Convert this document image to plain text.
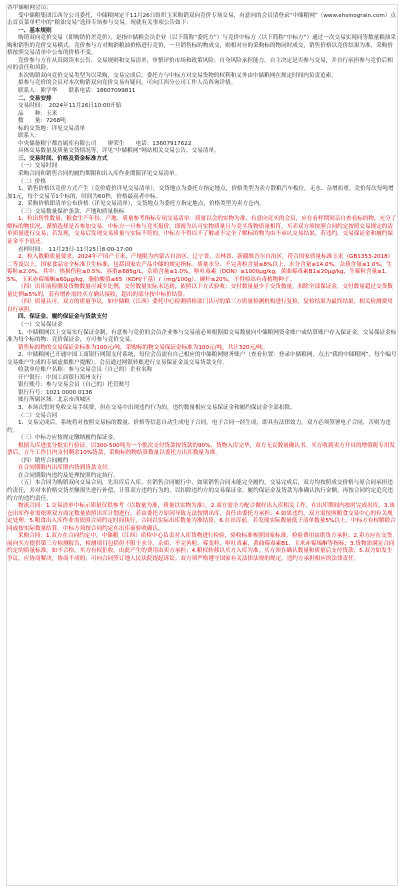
各中储粮网会员：

受中储粮集团江西分公司委托，中储粮网定于11月26日组织玉米购销双向竞价专场交易，有意向的会员请登录“中储粮网”（www.ehsinograin.com）点击首页菜单栏中的“粮油交易”选择专场参与交易。现就有关事项公告如下：

一、基本规则

购销双向竞价交易（即购销价差竞价），是指中储粮会员企业（以下简称“委托方”）与竞价中标方（以下简称“中标方”）通过一次交易实现同等数量粮油采购和销售的竞价交易模式。竞价参与方对购销粮油价格进行竞价，一旦销售标的物成交，则相对应的采购标的物同时成交，销售价格以竞价结果为准，采购价格按照交易清单中公布的价格不变。

竞价参与方在从真阅读本公告、交易规则和交易清单，审慎评价市场和政策风险、自身风险承担能力，自主决定是否参与交易，并自行承担参与竞价后相应的责任和风险。

本次购销双向竞价交易类型为以采购，交易完成后，委托方与中标方对交易货物的权利和义务由中储粮网在规定时间内负责追索。

拟参与竞价的会员对本次购销双向竞价交易有疑问，可向江西分公司工作人员咨询详情。

联系人：熊学华　　联系电话：18607099811

二、交易安排

交易时间：　2024年11月26日10:00开始

品　　种：玉米

数　　量：7268吨

标的交货地：详见交易清单

联系人：

中央储备粮宁都直属库有限公司　　廖荣生　　电话：13607917622

具体交易数量及质量交货情况等，详见“中储粮网”网站相关交易公告、交易清单。

三、交易时间、价格及资金标准方式

（一）交易时间

采购合同和销售合同的履约期限和出入库作业期限详见交易清单。

（二）价格

1、销售价格以竞价方式产生（竞价底价详见交易清单），交货地点为委托方指定地点，价格类型为卖方散粮汽车板位，无水、杂增扣重。竞价每次每吨增加1元，每个交易节1个标的，时间为60秒，价格最高者中标。

2、采购价格即清单公布价格（详见交易清单），交货地点为委托方指定地点，价格类型为卖方仓内。

（三）交易数量保护条款、产地和质量指标

1、粒出售性数量。粮食生产年份、产地、质量参考指标专项交易清单。质量以会的实物为准，有意向竞买的会员，应在看样期间亲自查看标的物，充分了解标的物状况，谨慎选择是否参加交易。中标方一旦参与竞买报价，即视为认可实物质量且与竞买货物质量相符，买卖双方须按照合同约定按照交易规定的清单质量进行交易；若发现，交易后发现交易质量与实际不符的，中标方不得以不了解或不完全了解标的物为由不承认交易结果，若违约，交易保证金和履约保证金不予退还。

看样时间：　11月23日-11月25日8:00-17:00

2、粒入数粮质量要求。2024年产国产玉米，产地限为内蒙古自治区、辽宁省、吉林省、新疆维吾尔自治区，符合国家质量标准玉米（GB1353-2018）二等及以上，国家食品安全标准卫生标准，包括国家农产品中储的规定指标。质量水分、不完善粒含量≤8%以上，水分含量≤14.0%，杂质含量≤1.0%，生霉粒≤2.0%，其中：热损伤粒≤0.5%，容重≥685g/L，杂质含量≤1.0%，呕吐毒素（DON）≤1000μg/kg，黄曲霉毒素B1≤20μg/kg，生霉粒含量≤1.5%，玉米赤霉烯酮≤60μg/kg，脂肪酸值≤65（KOH/干基）/（mg/100g），硬杆≤20%，不得检出有毒植物种子。

（四）出库前检测及货物数量可减少比例，交付数量实际未达到，依照以下方式验收：交付数量量少于交货数量，扣除全部保证金，交付数量超过交货数量比例≤5%的，若有增补需经买方确认接收，超出的部分按中标价结算。

（四）质量认可。双方的质量争议，如中储粮（江西）委托中心检测质检部门认可的第三方质量检测机构进行复检，复检结果为最终结果，相关检测费用自行承担。

四、保证金、履约保证金与货款支付

（一）交易保证金

1、中储粮网以上交易实行保证金制，有意参与竞价的会员企业参与交易前必须根据拟交易数量向中储粮网资金账户或结算账户存入保证金。交易保证金标准为每个标的物：竞价保证金，方可参与竞价交易。

销售标的物的交易保证金标准为100元/吨，采购标的物交易保证金标准为100元/吨，共计320元/吨。

2、中储粮网已开通中国工商银行网银支付系统，每位会员需有自己相应的中储粮网财务账户（查看位置：登录中储粮网，点击“我的中储粮网”，每个编号交易账户生成的专属虚拟账户提醒）。会员通过网银转账进行交易保证金及交易货款支付。

收款单位账户名称：参与交易会员（自己的）企业名称

开户银行：中国工商银行郑州支行

银行账号：参与交易会员（自己的）托管账号

银行行号：1021 0000 0136

账行所属区域：北京市西城区

3、本场次暂时免收交易手续费，但在交易中出现违约行为的，违约数量相应交易保证金和履约保证金全部扣除。

（二）交易合同

1、交易完成后，系统将对按照交易标的数量、价格等信息自动生成电子合同。电子合同一经生成，即具有法律效力。双方必须签署电子合同，否则为违约。

（三）中标方应按规定缴纳履约保证金。

根据入库进度分批实行验证，以300-500吨为一个批次支付货款按货款的90%，货物入库完毕，双方无议数量确认书。买方收到卖方开具的增值税专用发票后，五个工作日内支付剩余10%货款，采购标的物结算数量以委托方出库数量为准。

（四）销售合同履约

在合同期限内出库期内货到货款支付。

在合同期限内违约及处理按照约定执行。

（五）本合同为购销双向交易合同，先出库后入库。在销售合同履行中，如果销售合同未能完全履约，交易完成后，双方均按照成交价格与原合同承担违约责任，并对本价格交货差额损失进行补偿，计算双方违约行为的，以扣除违约方的交易保证金、履约保证金及货款为准确认执行金额，再按合同约定追究违约方的违约责任。

物流合同：1.交易清单中标示质量仅供参考（以数量为准，质量以实物为准），2.双方需全力配合做好出入库相关工作，在出库期间内按时完成出库，3.该仓出库作业需依照双方商定数量依照出库计划进行，若由委托方原因导致无法按期出库，责任由委托方承担；4.如果违约，双方需按照粮食交易中心的有关规定处理。5.粮食出入库作业需依照合同约定时间执行，合同以实际出库数量为准结算。6.在出库前，若发现实际数量低于清单数量5%以上，中标方有权解除合同或按实际数量结算。中标方须按合同约定在出库前验收确认。

采购合同：1.双方在合同约定中，中储粮（江西）质检中心负责对入库货物进行检验，验收标准参照国家标准，检验费用由供货方承担；2.卖方应在交货前向买方提供第三方检测报告，检测项目包括但不限于水分、杂质、不完善粒、霉变粒、呕吐毒素、黄曲霉毒素B1、玉米赤霉烯酮等指标；3.货物需满足合同约定的质量标准，如不合格，买方有权拒收，由此产生的费用由卖方承担；4.粮权转移以买方入库为准，买方须在确认数量和质量后支付货款；5.双方如发生争议，应协商解决，协商不成的，可向合同签订地人民法院提起诉讼。双方须严格遵守国家有关法律法规的规定，违约方承担相应的法律责任。
